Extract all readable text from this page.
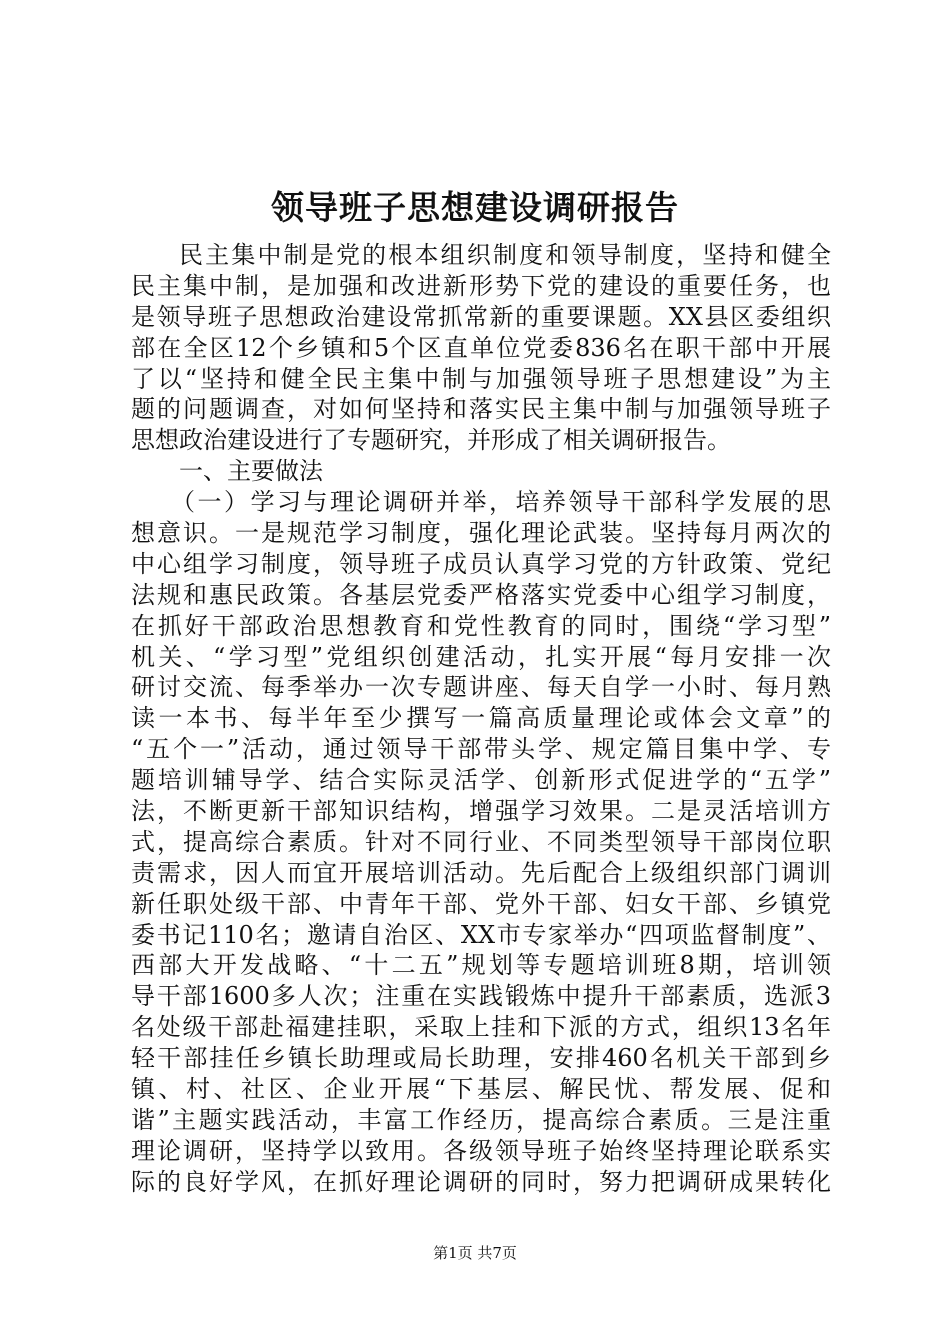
领导班子思想建设调研报告
民主集中制是党的根本组织制度和领导制度，坚持和健全
民主集中制，是加强和改进新形势下党的建设的重要任务，也
是领导班子思想政治建设常抓常新的重要课题。XX县区委组织
部在全区12个乡镇和5个区直单位党委836名在职干部中开展
了以“坚持和健全民主集中制与加强领导班子思想建设”为主
题的问题调查，对如何坚持和落实民主集中制与加强领导班子
思想政治建设进行了专题研究，并形成了相关调研报告。
一、主要做法
（一）学习与理论调研并举，培养领导干部科学发展的思
想意识。一是规范学习制度，强化理论武装。坚持每月两次的
中心组学习制度，领导班子成员认真学习党的方针政策、党纪
法规和惠民政策。各基层党委严格落实党委中心组学习制度，
在抓好干部政治思想教育和党性教育的同时，围绕“学习型”
机关、“学习型”党组织创建活动，扎实开展“每月安排一次
研讨交流、每季举办一次专题讲座、每天自学一小时、每月熟
读一本书、每半年至少撰写一篇高质量理论或体会文章”的
“五个一”活动，通过领导干部带头学、规定篇目集中学、专
题培训辅导学、结合实际灵活学、创新形式促进学的“五学”
法，不断更新干部知识结构，增强学习效果。二是灵活培训方
式，提高综合素质。针对不同行业、不同类型领导干部岗位职
责需求，因人而宜开展培训活动。先后配合上级组织部门调训
新任职处级干部、中青年干部、党外干部、妇女干部、乡镇党
委书记110名；邀请自治区、XX市专家举办“四项监督制度”、
西部大开发战略、“十二五”规划等专题培训班8期，培训领
导干部1600多人次；注重在实践锻炼中提升干部素质，选派3
名处级干部赴福建挂职，采取上挂和下派的方式，组织13名年
轻干部挂任乡镇长助理或局长助理，安排460名机关干部到乡
镇、村、社区、企业开展“下基层、解民忧、帮发展、促和
谐”主题实践活动，丰富工作经历，提高综合素质。三是注重
理论调研，坚持学以致用。各级领导班子始终坚持理论联系实
际的良好学风，在抓好理论调研的同时，努力把调研成果转化
第1页 共7页
